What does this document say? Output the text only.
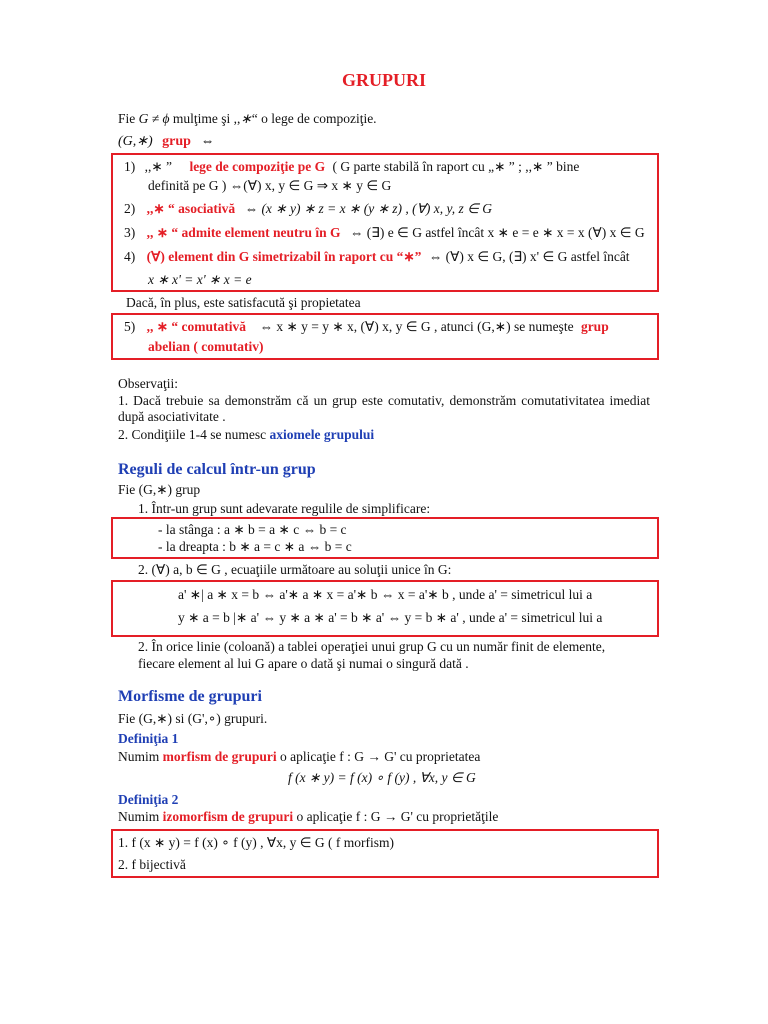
GRUPURI
Fie G ≠ ϕ mulţime şi ,,∗“ o lege de compoziţie.
(G,∗) grup ⇔
1) ,,∗ ” lege de compoziţie pe G ( G parte stabilă în raport cu „∗ ” ; ,,∗ ” bine
definită pe G ) ⇔(∀) x, y ∈ G ⇒ x ∗ y ∈ G
2) ,,∗ “ asociativă ⇔ (x ∗ y) ∗ z = x ∗ (y ∗ z) , (∀) x, y, z ∈ G
3) ,, ∗ “ admite element neutru în G ⇔ (∃) e ∈ G astfel încât x ∗ e = e ∗ x = x (∀) x ∈ G
4) (∀) element din G simetrizabil în raport cu “∗” ⇔ (∀) x ∈ G, (∃) x' ∈ G astfel încât
x ∗ x' = x' ∗ x = e
Dacă, în plus, este satisfacută şi propietatea
5) ,, ∗ “ comutativă ⇔ x ∗ y = y ∗ x, (∀) x, y ∈ G , atunci (G,∗) se numeşte grup
abelian ( comutativ)
Observaţii:
1. Dacă trebuie sa demonstrăm că un grup este comutativ, demonstrăm comutativitatea imediat după asociativitate .
2. Condiţiile 1-4 se numesc axiomele grupului
Reguli de calcul într-un grup
Fie (G,∗) grup
1. Într-un grup sunt adevarate regulile de simplificare:
- la stânga : a ∗ b = a ∗ c ⇔ b = c
- la dreapta : b ∗ a = c ∗ a ⇔ b = c
2. (∀) a, b ∈ G , ecuaţiile următoare au soluţii unice în G:
a' ∗| a ∗ x = b ⇔ a'∗ a ∗ x = a'∗ b ⇔ x = a'∗ b , unde a' = simetricul lui a
y ∗ a = b |∗ a' ⇔ y ∗ a ∗ a' = b ∗ a' ⇔ y = b ∗ a' , unde a' = simetricul lui a
2. În orice linie (coloană) a tablei operaţiei unui grup G cu un număr finit de elemente,
fiecare element al lui G apare o dată şi numai o singură dată .
Morfisme de grupuri
Fie (G,∗) si (G',∘) grupuri.
Definiţia 1
Numim morfism de grupuri o aplicaţie f : G → G' cu proprietatea
f (x ∗ y) = f (x) ∘ f (y) , ∀x, y ∈ G
Definiţia 2
Numim izomorfism de grupuri o aplicaţie f : G → G' cu proprietăţile
1. f (x ∗ y) = f (x) ∘ f (y) , ∀x, y ∈ G ( f morfism)
2. f bijectivă
